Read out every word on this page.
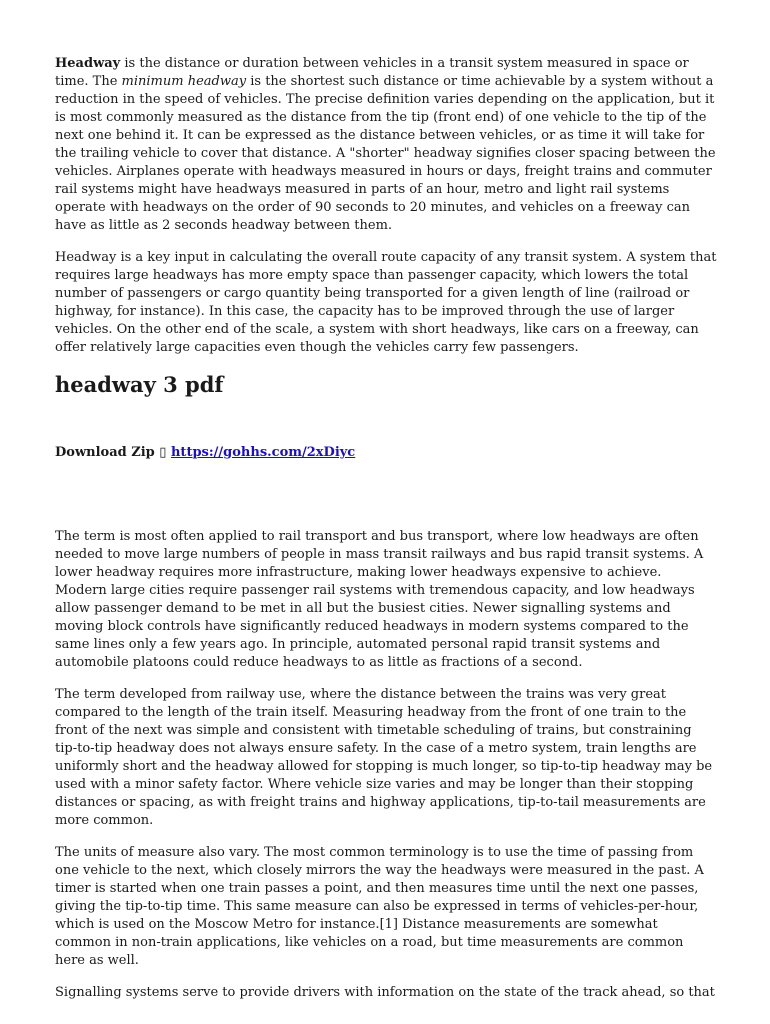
Headway is the distance or duration between vehicles in a transit system measured in space or time. The minimum headway is the shortest such distance or time achievable by a system without a reduction in the speed of vehicles. The precise definition varies depending on the application, but it is most commonly measured as the distance from the tip (front end) of one vehicle to the tip of the next one behind it. It can be expressed as the distance between vehicles, or as time it will take for the trailing vehicle to cover that distance. A "shorter" headway signifies closer spacing between the vehicles. Airplanes operate with headways measured in hours or days, freight trains and commuter rail systems might have headways measured in parts of an hour, metro and light rail systems operate with headways on the order of 90 seconds to 20 minutes, and vehicles on a freeway can have as little as 2 seconds headway between them.

Headway is a key input in calculating the overall route capacity of any transit system. A system that requires large headways has more empty space than passenger capacity, which lowers the total number of passengers or cargo quantity being transported for a given length of line (railroad or highway, for instance). In this case, the capacity has to be improved through the use of larger vehicles. On the other end of the scale, a system with short headways, like cars on a freeway, can offer relatively large capacities even though the vehicles carry few passengers.

headway 3 pdf
Download Zip ▯ https://gohhs.com/2xDiyc

The term is most often applied to rail transport and bus transport, where low headways are often needed to move large numbers of people in mass transit railways and bus rapid transit systems. A lower headway requires more infrastructure, making lower headways expensive to achieve. Modern large cities require passenger rail systems with tremendous capacity, and low headways allow passenger demand to be met in all but the busiest cities. Newer signalling systems and moving block controls have significantly reduced headways in modern systems compared to the same lines only a few years ago. In principle, automated personal rapid transit systems and automobile platoons could reduce headways to as little as fractions of a second.

The term developed from railway use, where the distance between the trains was very great compared to the length of the train itself. Measuring headway from the front of one train to the front of the next was simple and consistent with timetable scheduling of trains, but constraining tip-to-tip headway does not always ensure safety. In the case of a metro system, train lengths are uniformly short and the headway allowed for stopping is much longer, so tip-to-tip headway may be used with a minor safety factor. Where vehicle size varies and may be longer than their stopping distances or spacing, as with freight trains and highway applications, tip-to-tail measurements are more common.

The units of measure also vary. The most common terminology is to use the time of passing from one vehicle to the next, which closely mirrors the way the headways were measured in the past. A timer is started when one train passes a point, and then measures time until the next one passes, giving the tip-to-tip time. This same measure can also be expressed in terms of vehicles-per-hour, which is used on the Moscow Metro for instance.[1] Distance measurements are somewhat common in non-train applications, like vehicles on a road, but time measurements are common here as well.

Signalling systems serve to provide drivers with information on the state of the track ahead, so that
